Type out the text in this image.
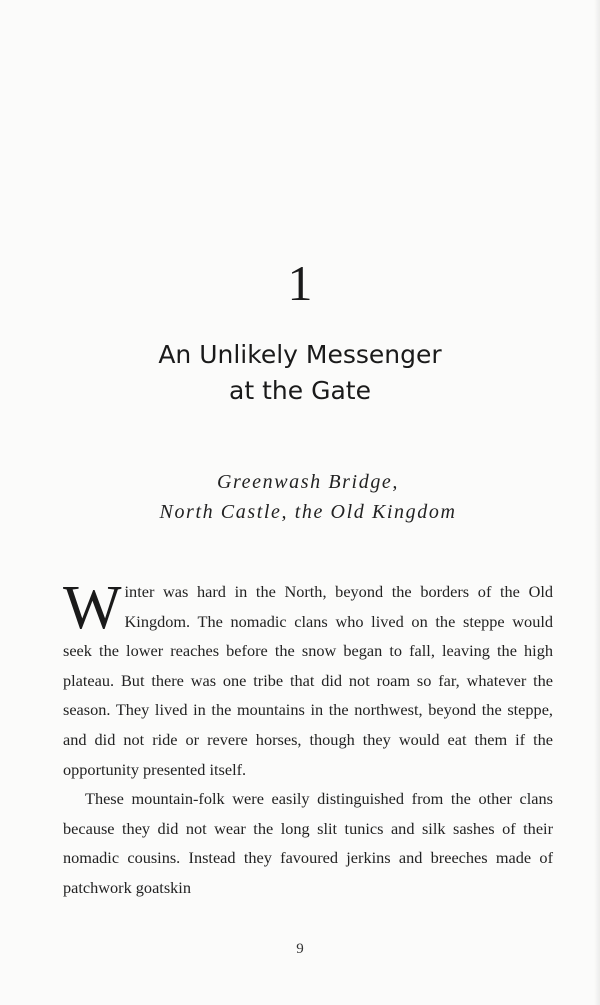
1
An Unlikely Messenger
at the Gate
Greenwash Bridge,
North Castle, the Old Kingdom

Winter was hard in the North, beyond the borders of the Old Kingdom. The nomadic clans who lived on the steppe would seek the lower reaches before the snow began to fall, leaving the high plateau. But there was one tribe that did not roam so far, whatever the season. They lived in the mountains in the northwest, beyond the steppe, and did not ride or revere horses, though they would eat them if the opportunity presented itself.

These mountain-folk were easily distinguished from the other clans because they did not wear the long slit tunics and silk sashes of their nomadic cousins. Instead they favoured jerkins and breeches made of patchwork goatskin

9
